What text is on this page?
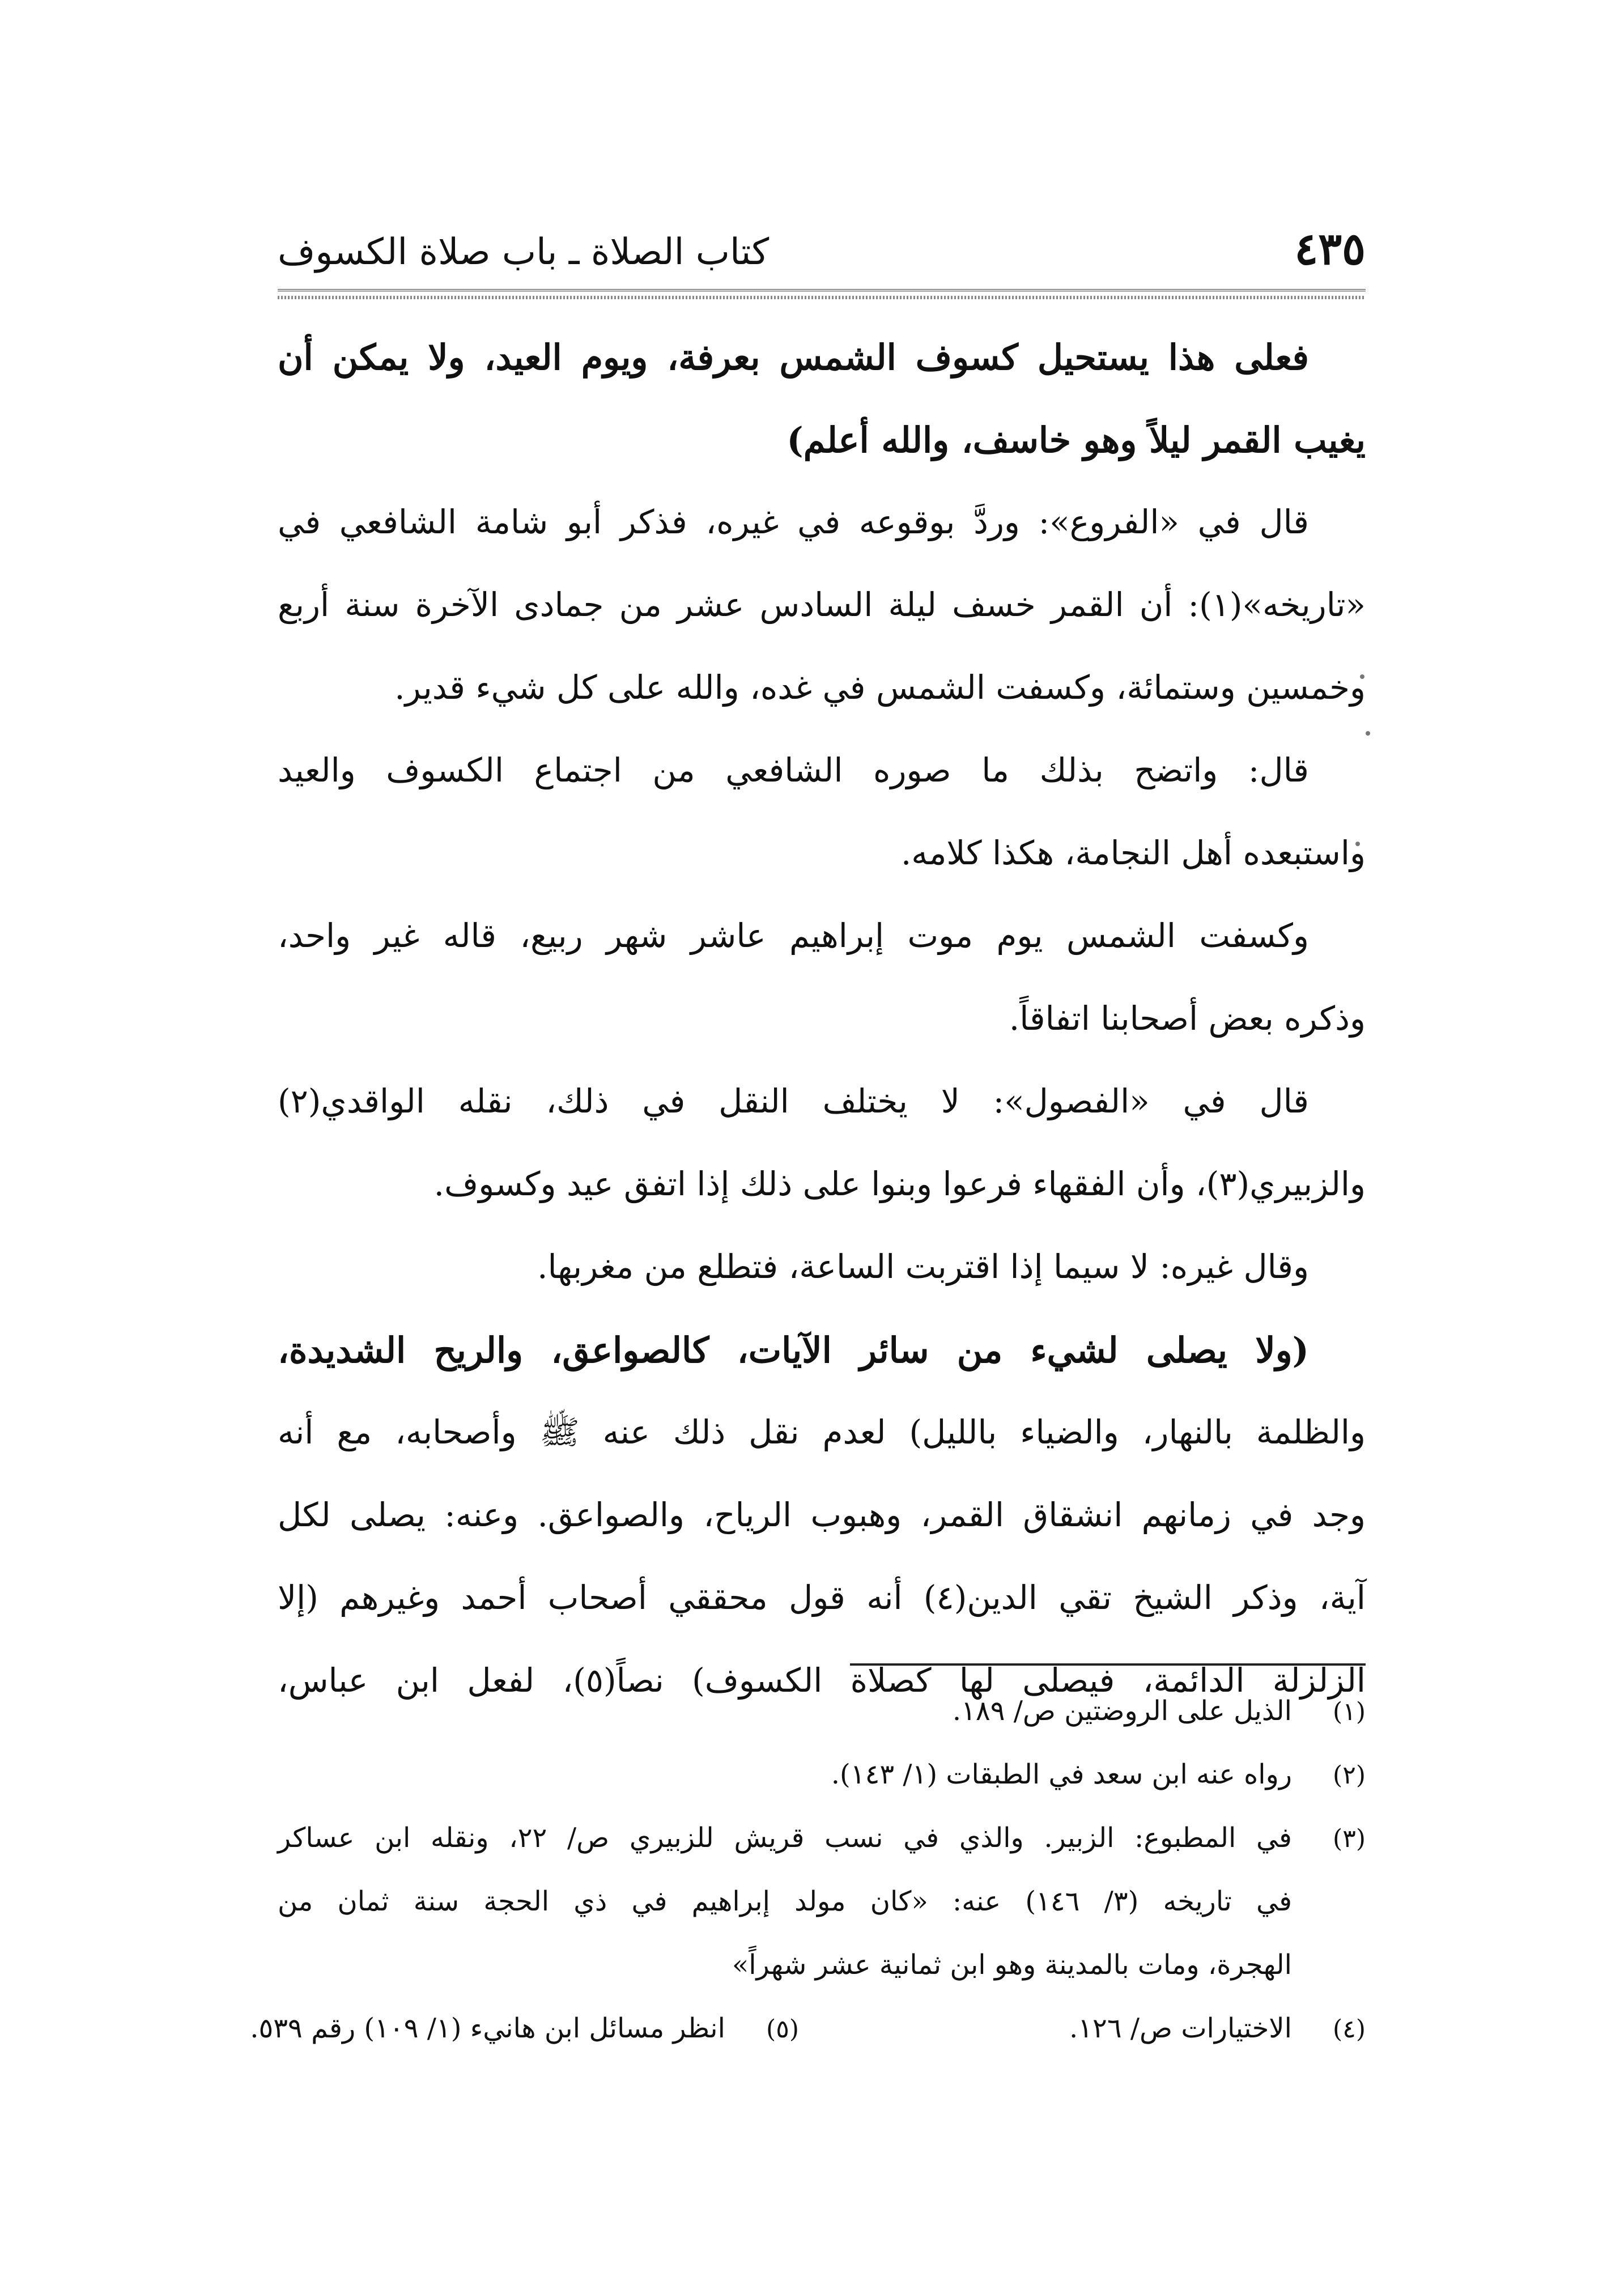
٤٣٥
كتاب الصلاة ـ باب صلاة الكسوف
فعلى هذا يستحيل كسوف الشمس بعرفة، ويوم العيد، ولا يمكن أن
يغيب القمر ليلاً وهو خاسف، والله أعلم)
قال في «الفروع»: وردَّ بوقوعه في غيره، فذكر أبو شامة الشافعي في
«تاريخه»(١): أن القمر خسف ليلة السادس عشر من جمادى الآخرة سنة أربع
وخمسين وستمائة، وكسفت الشمس في غده، والله على كل شيء قدير.
قال: واتضح بذلك ما صوره الشافعي من اجتماع الكسوف والعيد
واستبعده أهل النجامة، هكذا كلامه.
وكسفت الشمس يوم موت إبراهيم عاشر شهر ربيع، قاله غير واحد،
وذكره بعض أصحابنا اتفاقاً.
قال في «الفصول»: لا يختلف النقل في ذلك، نقله الواقدي(٢)
والزبيري(٣)، وأن الفقهاء فرعوا وبنوا على ذلك إذا اتفق عيد وكسوف.
وقال غيره: لا سيما إذا اقتربت الساعة، فتطلع من مغربها.
(ولا يصلى لشيء من سائر الآيات، كالصواعق، والريح الشديدة،
والظلمة بالنهار، والضياء بالليل) لعدم نقل ذلك عنه ﷺ وأصحابه، مع أنه
وجد في زمانهم انشقاق القمر، وهبوب الرياح، والصواعق. وعنه: يصلى لكل
آية، وذكر الشيخ تقي الدين(٤) أنه قول محققي أصحاب أحمد وغيرهم (إلا
الزلزلة الدائمة، فيصلى لها كصلاة الكسوف) نصاً(٥)، لفعل ابن عباس،
(١)
الذيل على الروضتين ص/ ١٨٩.
(٢)
رواه عنه ابن سعد في الطبقات (١/ ١٤٣).
(٣)
في المطبوع: الزبير. والذي في نسب قريش للزبيري ص/ ٢٢، ونقله ابن عساكر
في تاريخه (٣/ ١٤٦) عنه: «كان مولد إبراهيم في ذي الحجة سنة ثمان من
الهجرة، ومات بالمدينة وهو ابن ثمانية عشر شهراً»
(٤)
الاختيارات ص/ ١٢٦.
(٥)
انظر مسائل ابن هانيء (١/ ١٠٩) رقم ٥٣٩.
